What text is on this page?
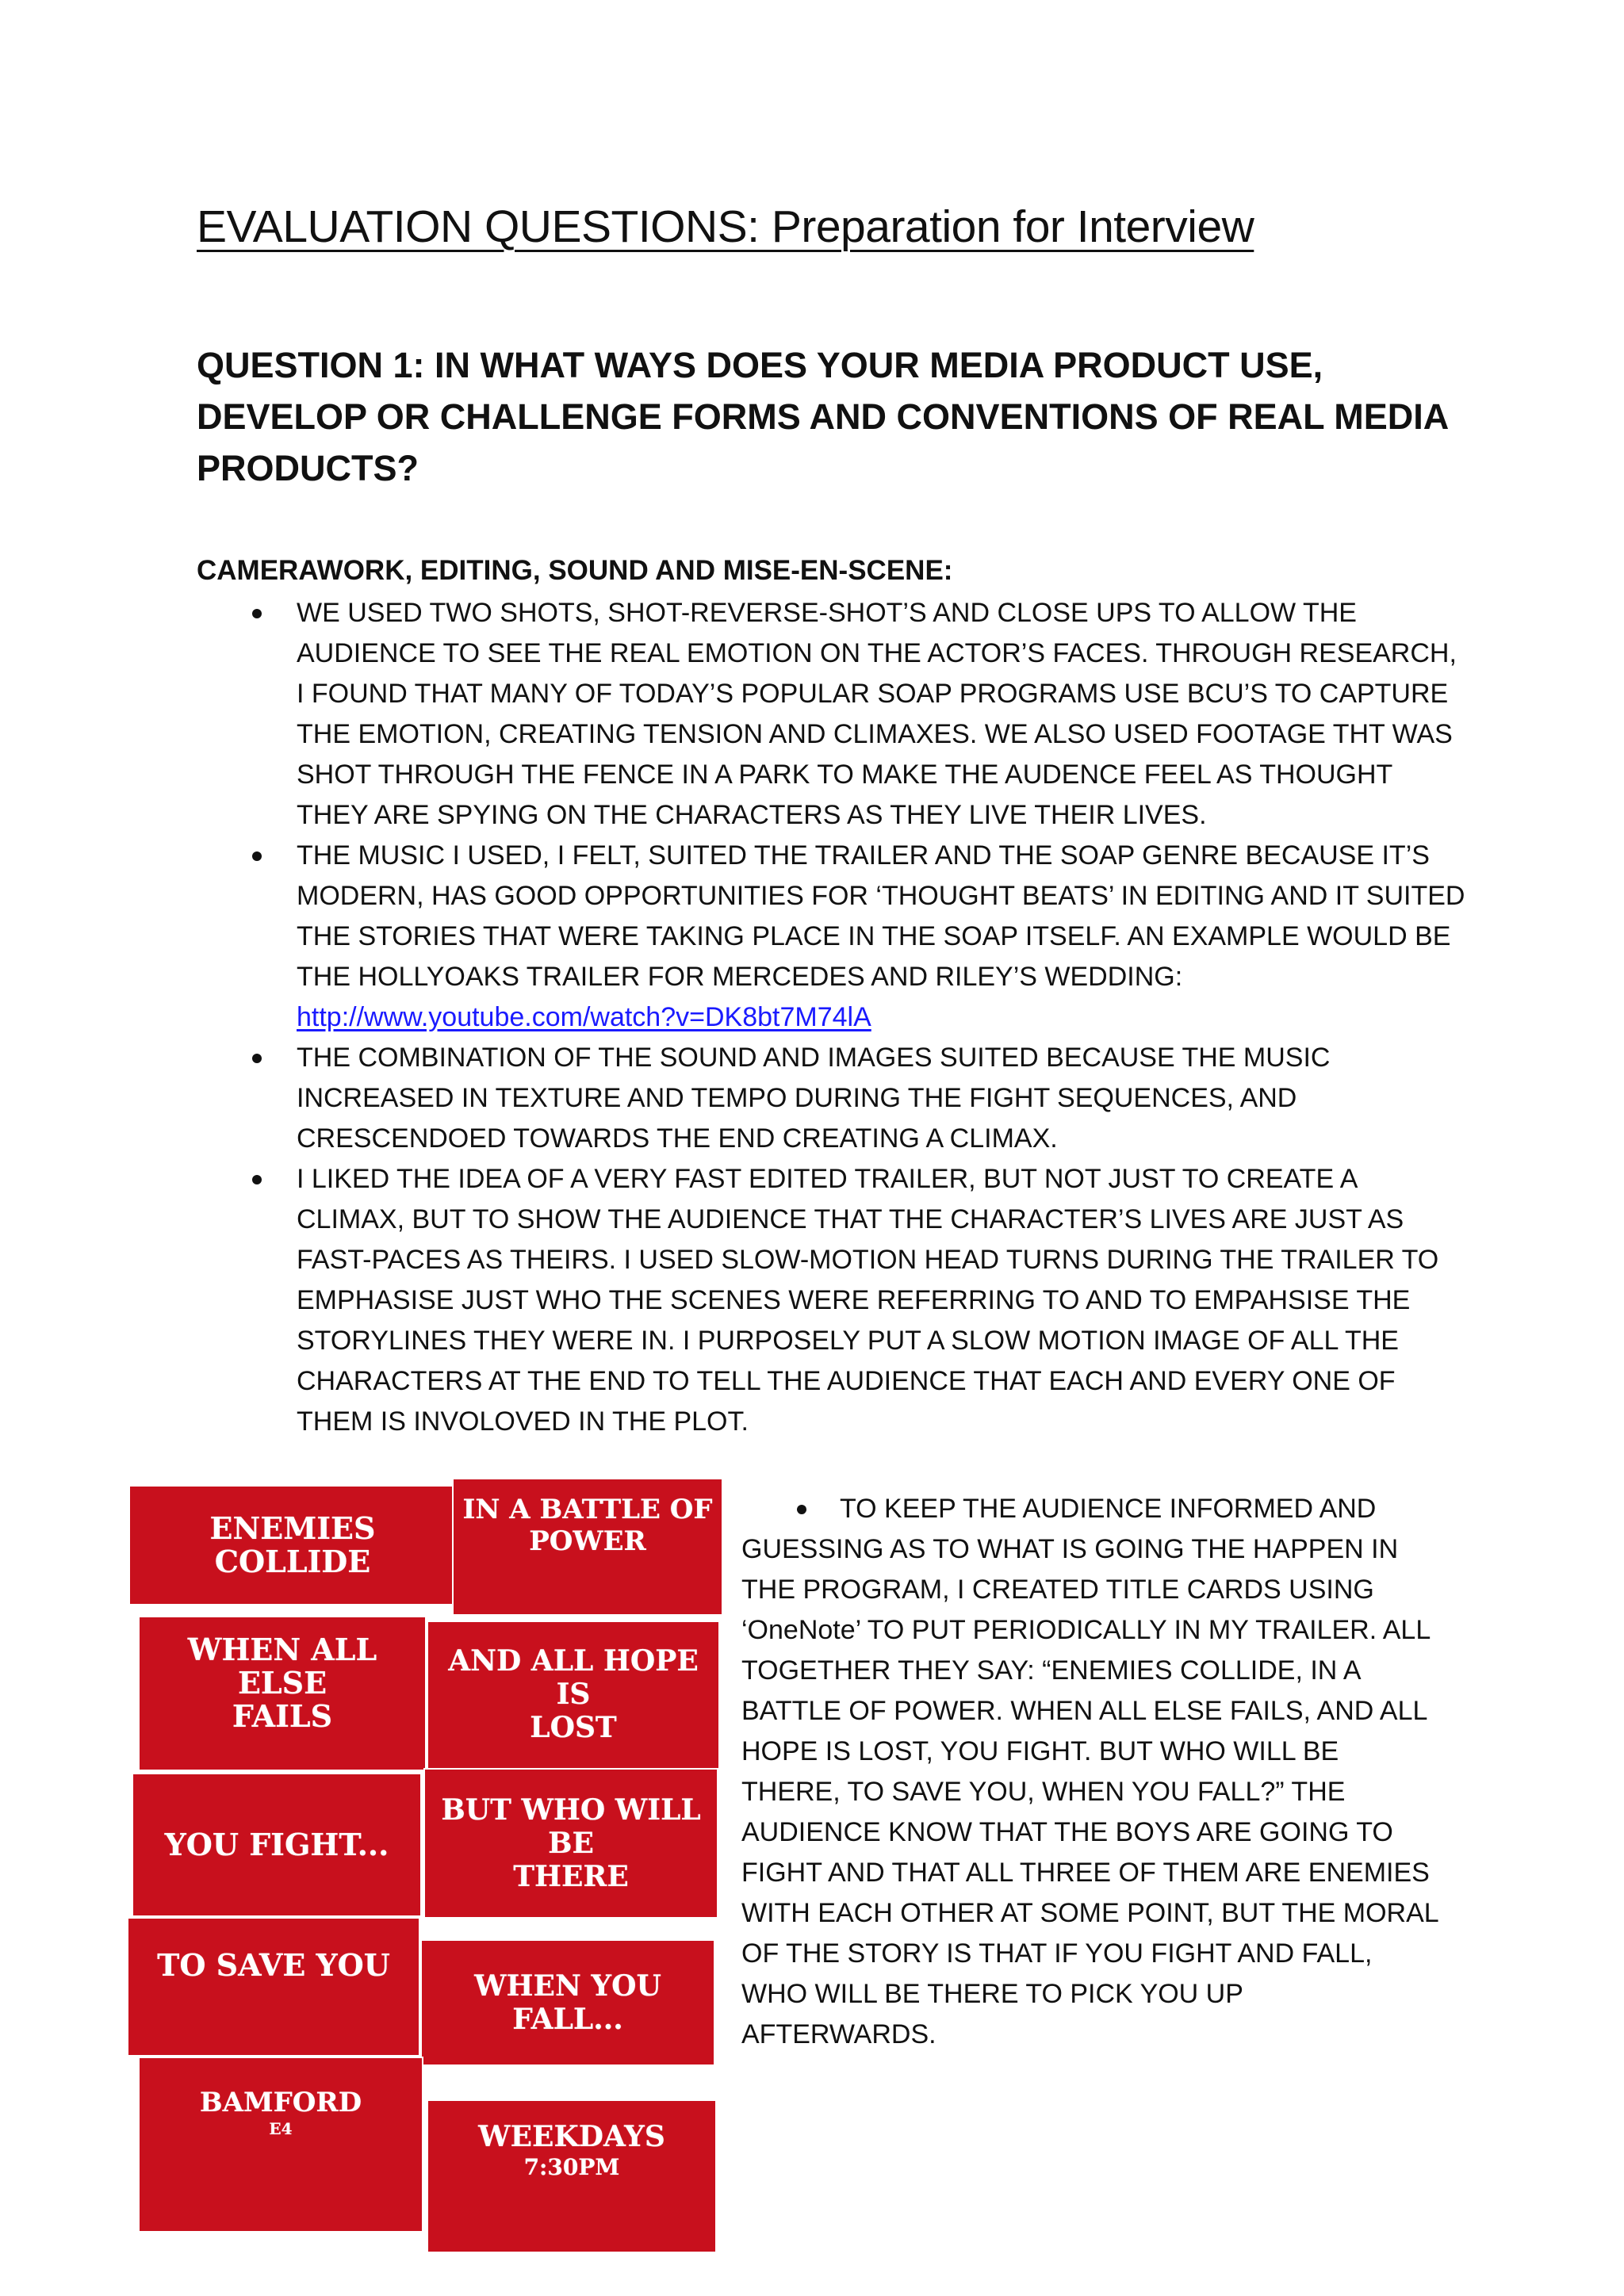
EVALUATION QUESTIONS: Preparation for Interview
QUESTION 1: IN WHAT WAYS DOES YOUR MEDIA PRODUCT USE, DEVELOP OR CHALLENGE FORMS AND CONVENTIONS OF REAL MEDIA PRODUCTS?
CAMERAWORK, EDITING, SOUND AND MISE-EN-SCENE:
WE USED TWO SHOTS, SHOT-REVERSE-SHOT’S AND CLOSE UPS TO ALLOW THE AUDIENCE TO SEE THE REAL EMOTION ON THE ACTOR’S FACES. THROUGH RESEARCH, I FOUND THAT MANY OF TODAY’S POPULAR SOAP PROGRAMS USE BCU’S TO CAPTURE THE EMOTION, CREATING TENSION AND CLIMAXES. WE ALSO USED FOOTAGE THT WAS SHOT THROUGH THE FENCE IN A PARK TO MAKE THE AUDENCE FEEL AS THOUGHT THEY ARE SPYING ON THE CHARACTERS AS THEY LIVE THEIR LIVES.
THE MUSIC I USED, I FELT, SUITED THE TRAILER AND THE SOAP GENRE BECAUSE IT’S MODERN, HAS GOOD OPPORTUNITIES FOR ‘THOUGHT BEATS’ IN EDITING AND IT SUITED THE STORIES THAT WERE TAKING PLACE IN THE SOAP ITSELF. AN EXAMPLE WOULD BE THE HOLLYOAKS TRAILER FOR MERCEDES AND RILEY’S WEDDING:
http://www.youtube.com/watch?v=DK8bt7M74lA
THE COMBINATION OF THE SOUND AND IMAGES SUITED BECAUSE THE MUSIC INCREASED IN TEXTURE AND TEMPO DURING THE FIGHT SEQUENCES, AND CRESCENDOED TOWARDS THE END CREATING A CLIMAX.
I LIKED THE IDEA OF A VERY FAST EDITED TRAILER, BUT NOT JUST TO CREATE A CLIMAX, BUT TO SHOW THE AUDIENCE THAT THE CHARACTER’S LIVES ARE JUST AS FAST-PACES AS THEIRS. I USED SLOW-MOTION HEAD TURNS DURING THE TRAILER TO EMPHASISE JUST WHO THE SCENES WERE REFERRING TO AND TO EMPAHSISE THE STORYLINES THEY WERE IN. I PURPOSELY PUT A SLOW MOTION IMAGE OF ALL THE CHARACTERS AT THE END TO TELL THE AUDIENCE THAT EACH AND EVERY ONE OF THEM IS INVOLOVED IN THE PLOT.

TO KEEP THE AUDIENCE INFORMED AND
GUESSING AS TO WHAT IS GOING THE HAPPEN IN THE PROGRAM, I CREATED TITLE CARDS USING ‘OneNote’ TO PUT PERIODICALLY IN MY TRAILER. ALL TOGETHER THEY SAY: “ENEMIES COLLIDE, IN A BATTLE OF POWER. WHEN ALL ELSE FAILS, AND ALL HOPE IS LOST, YOU FIGHT. BUT WHO WILL BE THERE, TO SAVE YOU, WHEN YOU FALL?” THE AUDIENCE KNOW THAT THE BOYS ARE GOING TO FIGHT AND THAT ALL THREE OF THEM ARE ENEMIES WITH EACH OTHER AT SOME POINT, BUT THE MORAL OF THE STORY IS THAT IF YOU FIGHT AND FALL, WHO WILL BE THERE TO PICK YOU UP AFTERWARDS.

ENEMIES COLLIDE
IN A BATTLE OF
POWER
WHEN ALL ELSE
FAILS
AND ALL HOPE IS
LOST
YOU FIGHT...
BUT WHO WILL BE
THERE
TO SAVE YOU
WHEN YOU FALL...
BAMFORD
E4	WEEKDAYS
7:30PM
